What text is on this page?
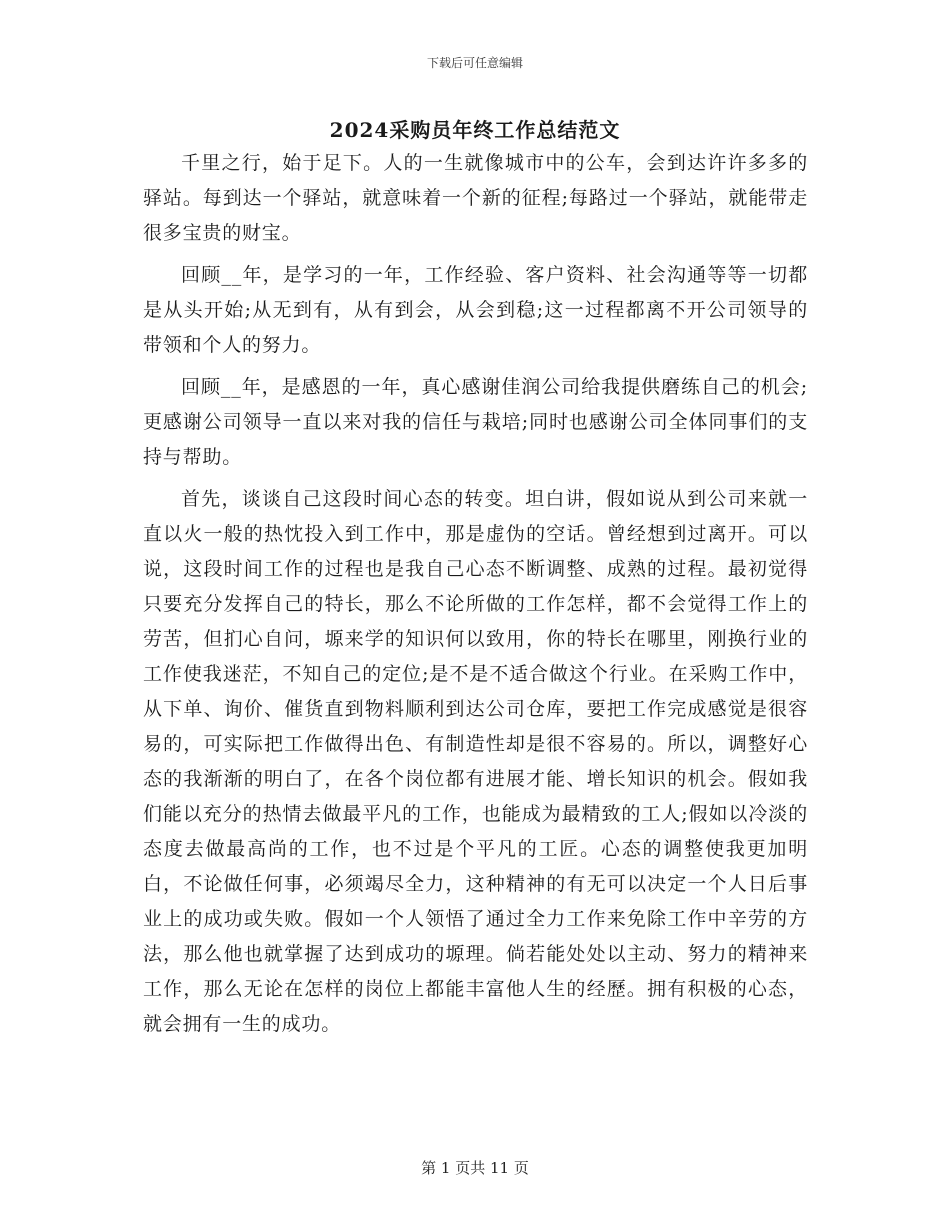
下载后可任意编辑
2024采购员年终工作总结范文

千里之行，始于足下。人的一生就像城市中的公车，会到达许许多多的驿站。每到达一个驿站，就意味着一个新的征程;每路过一个驿站，就能带走很多宝贵的财宝。

回顾__年，是学习的一年，工作经验、客户资料、社会沟通等等一切都是从头开始;从无到有，从有到会，从会到稳;这一过程都离不开公司领导的带领和个人的努力。

回顾__年，是感恩的一年，真心感谢佳润公司给我提供磨练自己的机会;更感谢公司领导一直以来对我的信任与栽培;同时也感谢公司全体同事们的支持与帮助。

首先，谈谈自己这段时间心态的转变。坦白讲，假如说从到公司来就一直以火一般的热忱投入到工作中，那是虚伪的空话。曾经想到过离开。可以说，这段时间工作的过程也是我自己心态不断调整、成熟的过程。最初觉得只要充分发挥自己的特长，那么不论所做的工作怎样，都不会觉得工作上的劳苦，但扪心自问，塬来学的知识何以致用，你的特长在哪里，刚换行业的工作使我迷茫，不知自己的定位;是不是不适合做这个行业。在采购工作中，从下单、询价、催货直到物料顺利到达公司仓库，要把工作完成感觉是很容易的，可实际把工作做得出色、有制造性却是很不容易的。所以，调整好心态的我渐渐的明白了，在各个岗位都有进展才能、增长知识的机会。假如我们能以充分的热情去做最平凡的工作，也能成为最精致的工人;假如以冷淡的态度去做最高尚的工作，也不过是个平凡的工匠。心态的调整使我更加明白，不论做任何事，必须竭尽全力，这种精神的有无可以决定一个人日后事业上的成功或失败。假如一个人领悟了通过全力工作来免除工作中辛劳的方法，那么他也就掌握了达到成功的塬理。倘若能处处以主动、努力的精神来工作，那么无论在怎样的岗位上都能丰富他人生的经歷。拥有积极的心态，就会拥有一生的成功。

第 1 页共 11 页
